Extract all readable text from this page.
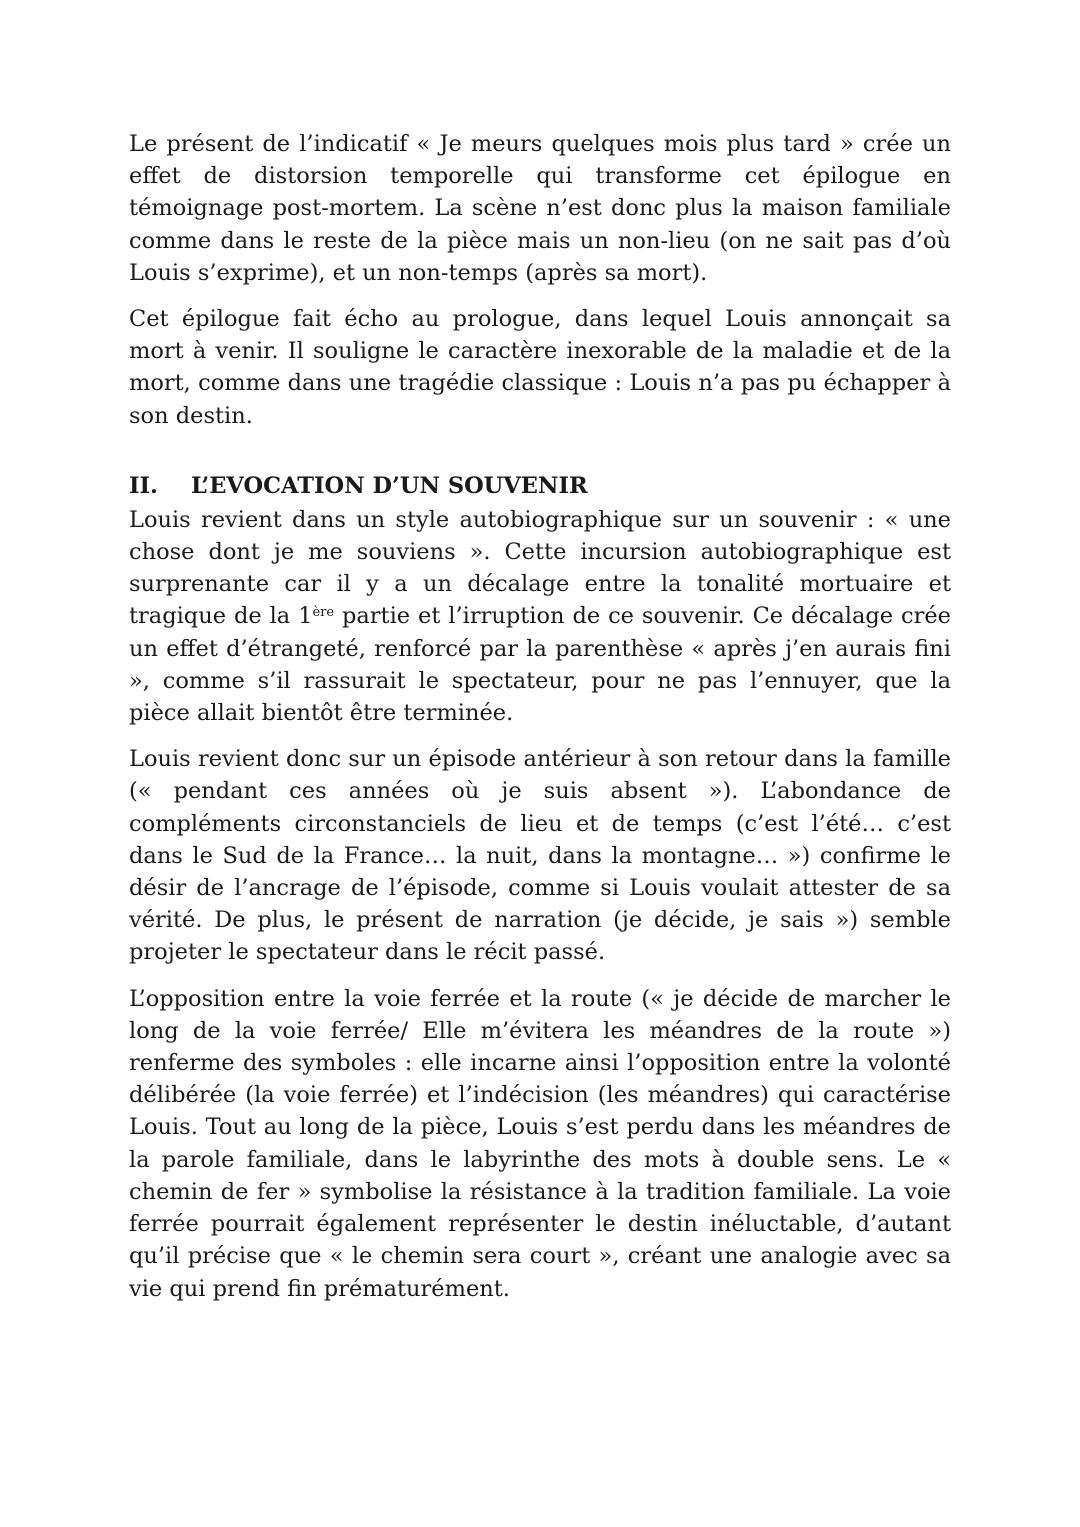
Le présent de l’indicatif « Je meurs quelques mois plus tard » crée un effet de distorsion temporelle qui transforme cet épilogue en témoignage post-mortem. La scène n’est donc plus la maison familiale comme dans le reste de la pièce mais un non-lieu (on ne sait pas d’où Louis s’exprime), et un non-temps (après sa mort).

Cet épilogue fait écho au prologue, dans lequel Louis annonçait sa mort à venir. Il souligne le caractère inexorable de la maladie et de la mort, comme dans une tragédie classique : Louis n’a pas pu échapper à son destin.

II.	L’EVOCATION D’UN SOUVENIR

Louis revient dans un style autobiographique sur un souvenir : « une chose dont je me souviens ». Cette incursion autobiographique est surprenante car il y a un décalage entre la tonalité mortuaire et tragique de la 1ère partie et l’irruption de ce souvenir. Ce décalage crée un effet d’étrangeté, renforcé par la parenthèse « après j’en aurais fini », comme s’il rassurait le spectateur, pour ne pas l’ennuyer, que la pièce allait bientôt être terminée.

Louis revient donc sur un épisode antérieur à son retour dans la famille (« pendant ces années où je suis absent »). L’abondance de compléments circonstanciels de lieu et de temps (c’est l’été… c’est dans le Sud de la France… la nuit, dans la montagne… ») confirme le désir de l’ancrage de l’épisode, comme si Louis voulait attester de sa vérité. De plus, le présent de narration (je décide, je sais ») semble projeter le spectateur dans le récit passé.

L’opposition entre la voie ferrée et la route (« je décide de marcher le long de la voie ferrée/ Elle m’évitera les méandres de la route ») renferme des symboles : elle incarne ainsi l’opposition entre la volonté délibérée (la voie ferrée) et l’indécision (les méandres) qui caractérise Louis. Tout au long de la pièce, Louis s’est perdu dans les méandres de la parole familiale, dans le labyrinthe des mots à double sens. Le « chemin de fer » symbolise la résistance à la tradition familiale. La voie ferrée pourrait également représenter le destin inéluctable, d’autant qu’il précise que « le chemin sera court », créant une analogie avec sa vie qui prend fin prématurément.
